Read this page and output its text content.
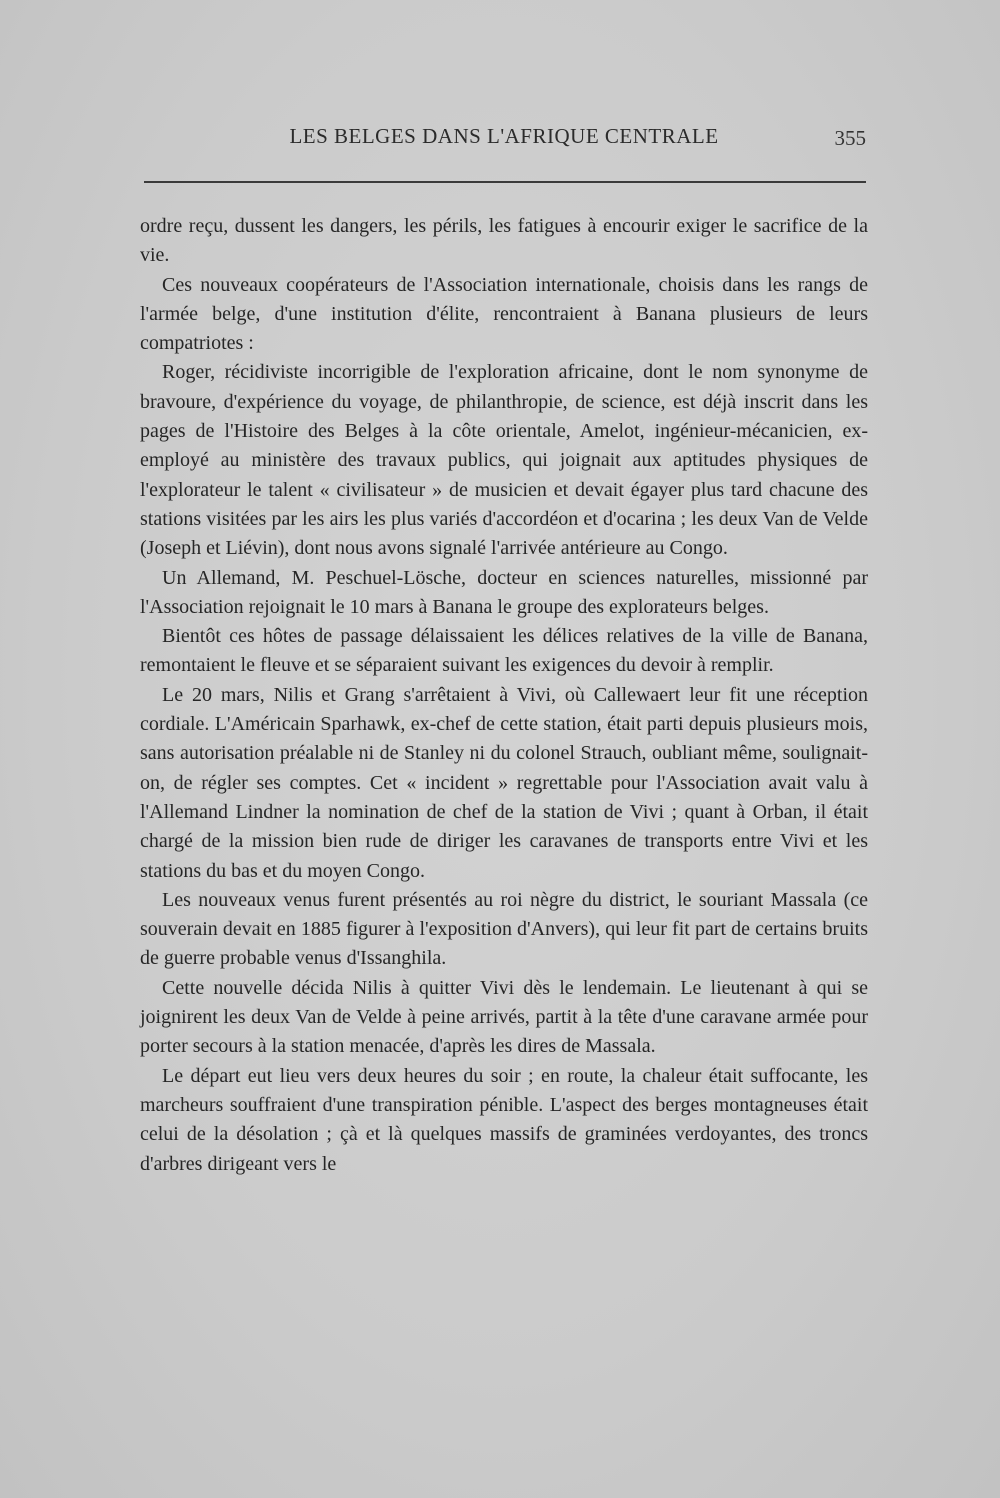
LES BELGES DANS L'AFRIQUE CENTRALE	355

ordre reçu, dussent les dangers, les périls, les fatigues à encourir exiger le sacrifice de la vie.

Ces nouveaux coopérateurs de l'Association internationale, choisis dans les rangs de l'armée belge, d'une institution d'élite, rencontraient à Banana plusieurs de leurs compatriotes :

Roger, récidiviste incorrigible de l'exploration africaine, dont le nom synonyme de bravoure, d'expérience du voyage, de philanthropie, de science, est déjà inscrit dans les pages de l'Histoire des Belges à la côte orientale, Amelot, ingénieur-mécanicien, ex-employé au ministère des travaux publics, qui joignait aux aptitudes physiques de l'explorateur le talent « civilisateur » de musicien et devait égayer plus tard chacune des stations visitées par les airs les plus variés d'accordéon et d'ocarina ; les deux Van de Velde (Joseph et Liévin), dont nous avons signalé l'arrivée antérieure au Congo.

Un Allemand, M. Peschuel-Lösche, docteur en sciences naturelles, missionné par l'Association rejoignait le 10 mars à Banana le groupe des explorateurs belges.

Bientôt ces hôtes de passage délaissaient les délices relatives de la ville de Banana, remontaient le fleuve et se séparaient suivant les exigences du devoir à remplir.

Le 20 mars, Nilis et Grang s'arrêtaient à Vivi, où Callewaert leur fit une réception cordiale. L'Américain Sparhawk, ex-chef de cette station, était parti depuis plusieurs mois, sans autorisation préalable ni de Stanley ni du colonel Strauch, oubliant même, soulignait-on, de régler ses comptes. Cet « incident » regrettable pour l'Association avait valu à l'Allemand Lindner la nomination de chef de la station de Vivi ; quant à Orban, il était chargé de la mission bien rude de diriger les caravanes de transports entre Vivi et les stations du bas et du moyen Congo.

Les nouveaux venus furent présentés au roi nègre du district, le souriant Massala (ce souverain devait en 1885 figurer à l'exposition d'Anvers), qui leur fit part de certains bruits de guerre probable venus d'Issanghila.

Cette nouvelle décida Nilis à quitter Vivi dès le lendemain. Le lieutenant à qui se joignirent les deux Van de Velde à peine arrivés, partit à la tête d'une caravane armée pour porter secours à la station menacée, d'après les dires de Massala.

Le départ eut lieu vers deux heures du soir ; en route, la chaleur était suffocante, les marcheurs souffraient d'une transpiration pénible. L'aspect des berges montagneuses était celui de la désolation ; çà et là quelques massifs de graminées verdoyantes, des troncs d'arbres dirigeant vers le
